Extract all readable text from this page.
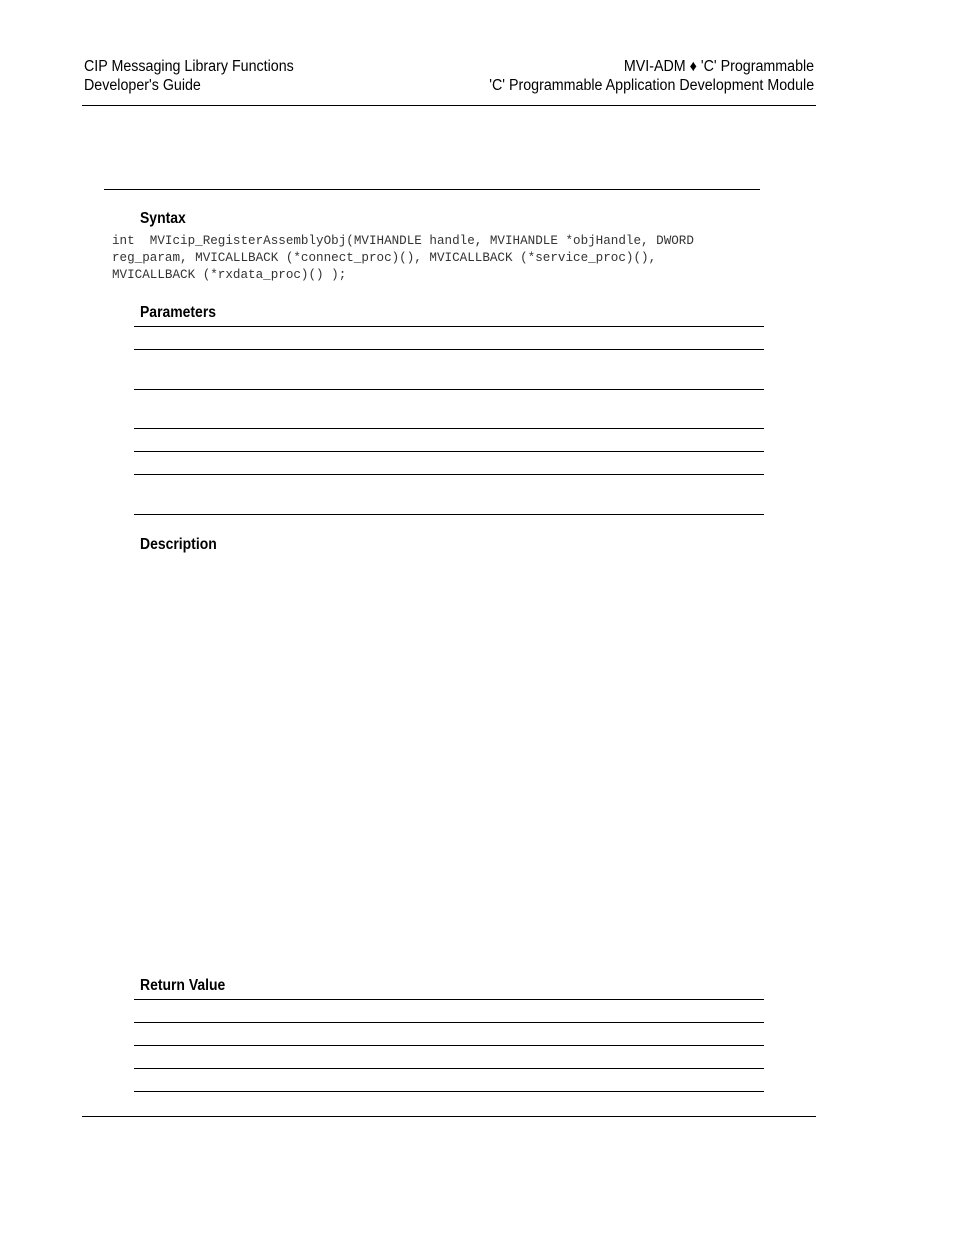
CIP Messaging Library Functions
Developer's Guide
MVI-ADM ♦ 'C' Programmable
'C' Programmable Application Development Module
Syntax
int  MVIcip_RegisterAssemblyObj(MVIHANDLE handle, MVIHANDLE *objHandle, DWORD
reg_param, MVICALLBACK (*connect_proc)(), MVICALLBACK (*service_proc)(),
MVICALLBACK (*rxdata_proc)() );
Parameters
Description
Return Value
